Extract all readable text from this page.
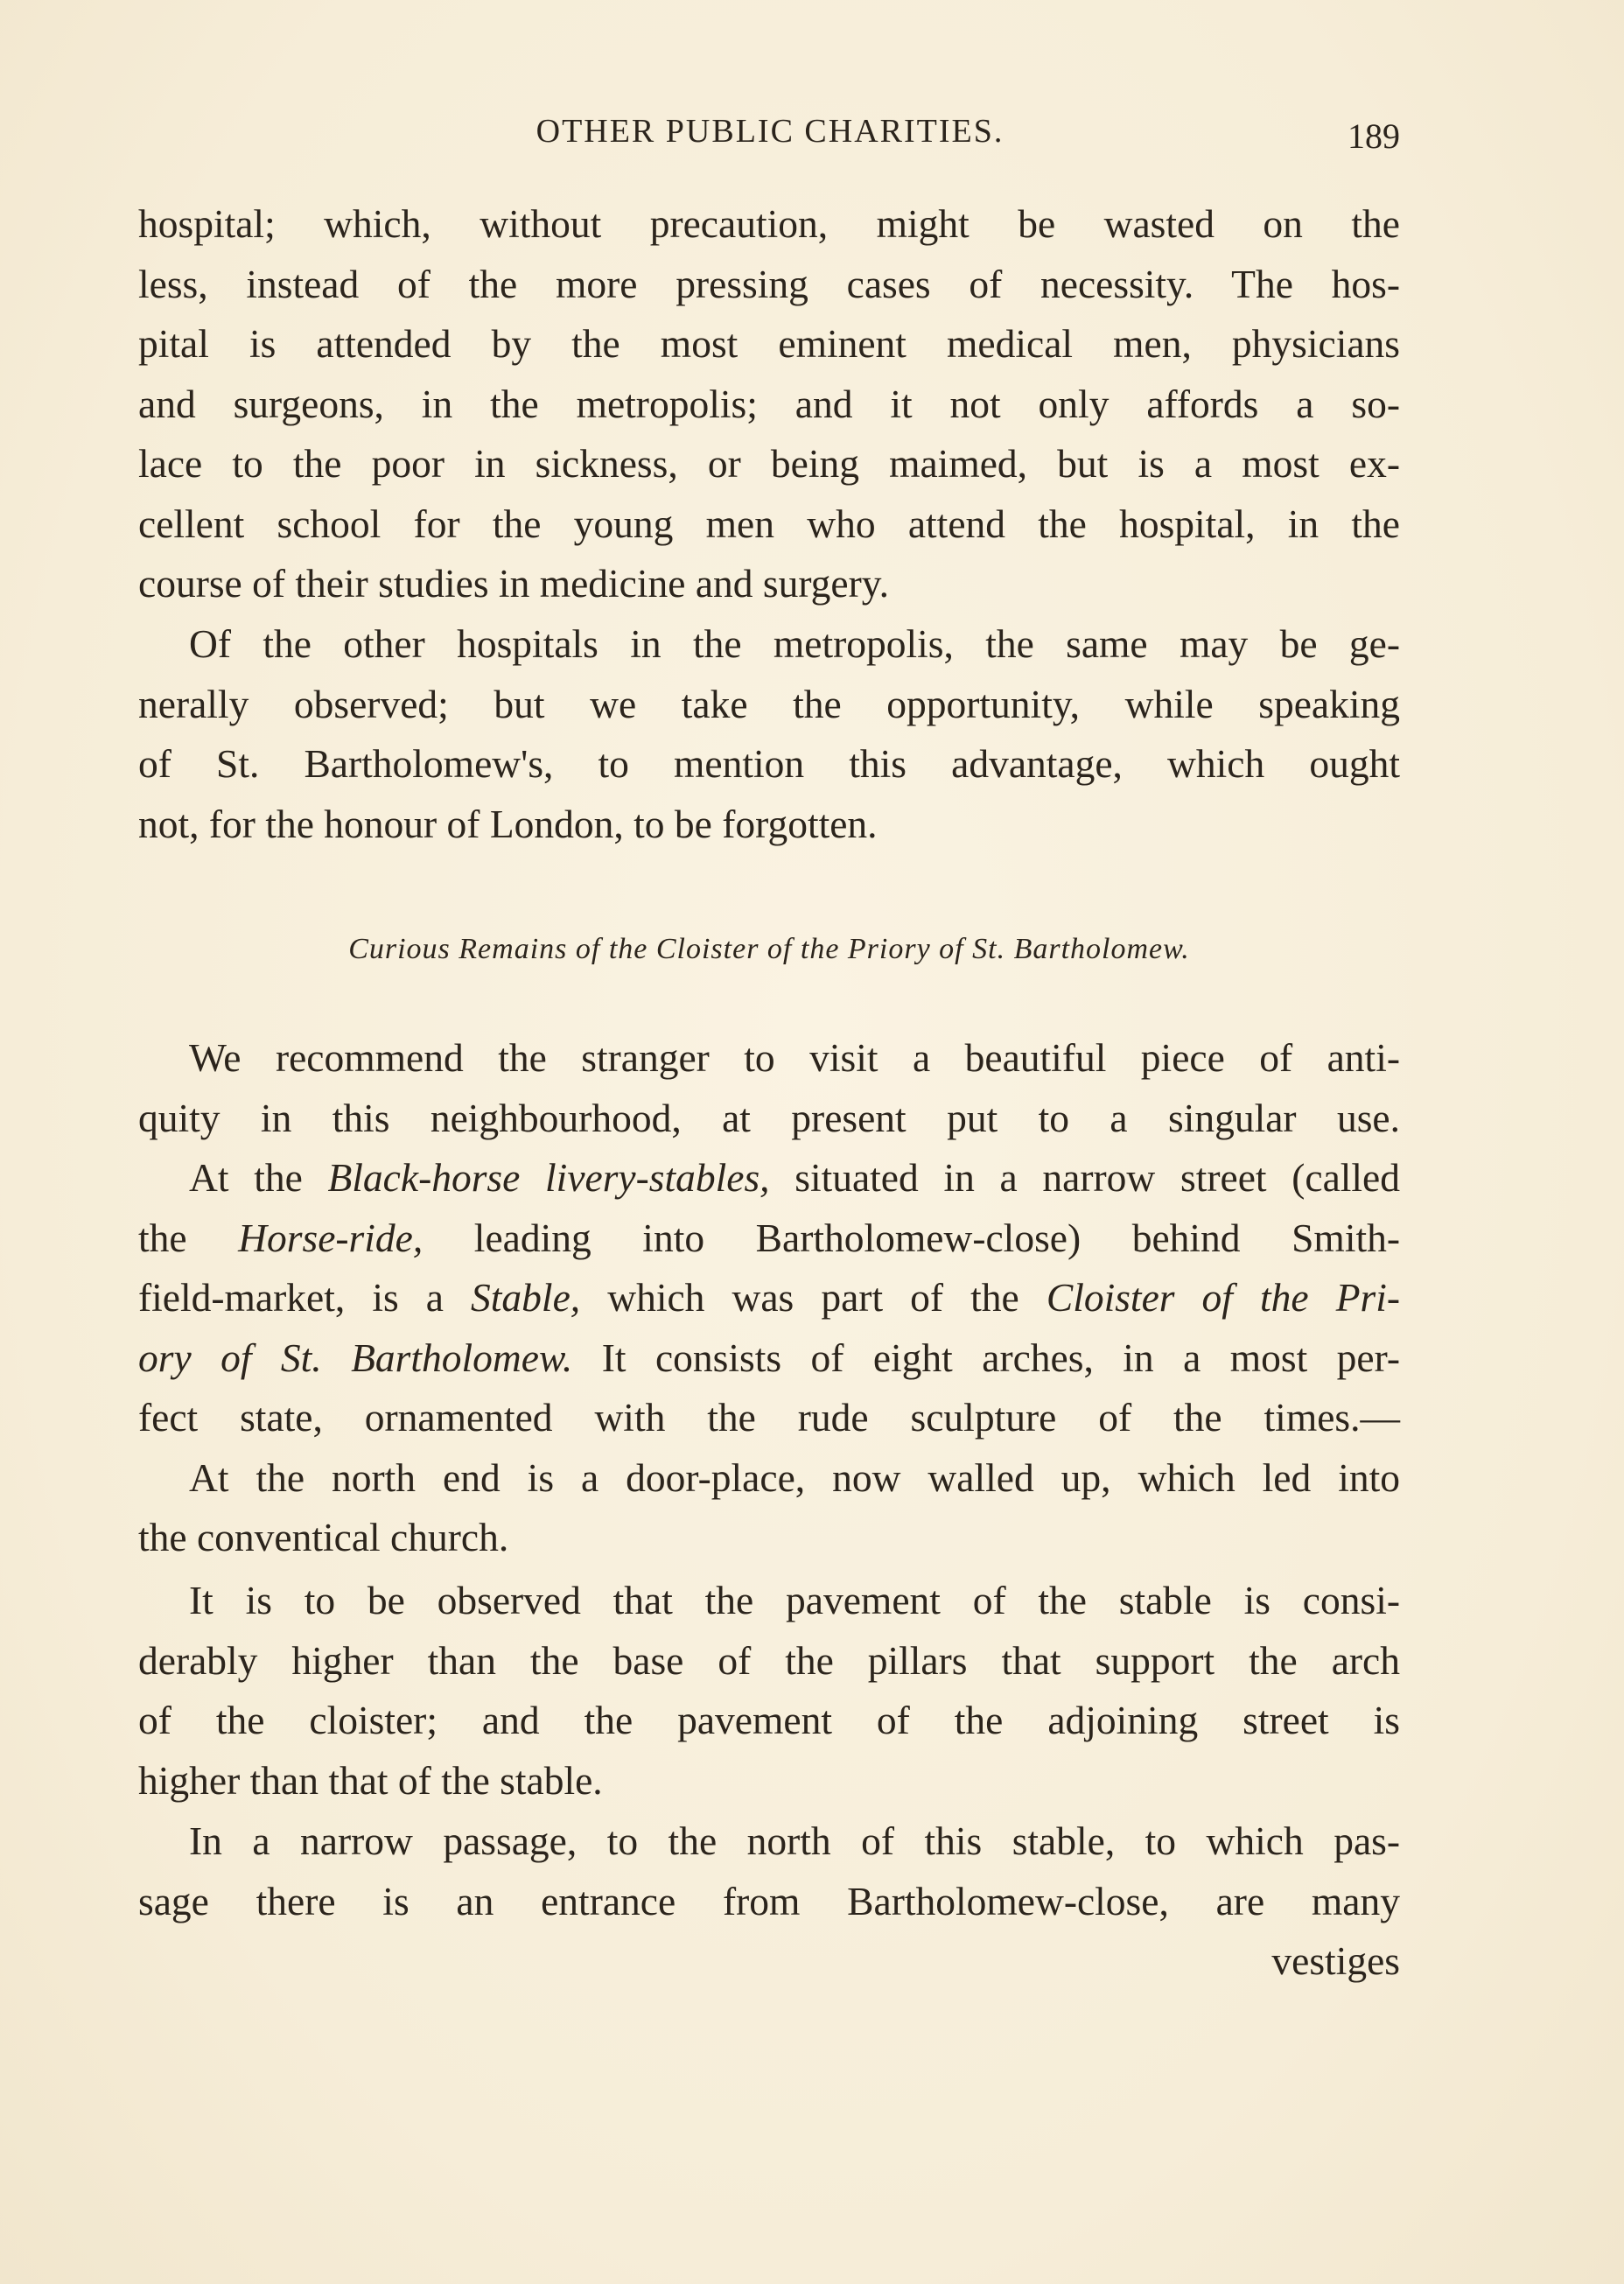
OTHER PUBLIC CHARITIES.	189

hospital; which, without precaution, might be wasted on the
less, instead of the more pressing cases of necessity. The hos-
pital is attended by the most eminent medical men, physicians
and surgeons, in the metropolis; and it not only affords a so-
lace to the poor in sickness, or being maimed, but is a most ex-
cellent school for the young men who attend the hospital, in the
course of their studies in medicine and surgery.

Of the other hospitals in the metropolis, the same may be ge-
nerally observed; but we take the opportunity, while speaking
of St. Bartholomew's, to mention this advantage, which ought
not, for the honour of London, to be forgotten.

Curious Remains of the Cloister of the Priory of St. Bartholomew.

We recommend the stranger to visit a beautiful piece of anti-
quity in this neighbourhood, at present put to a singular use.
At the Black-horse livery-stables, situated in a narrow street (called
the Horse-ride, leading into Bartholomew-close) behind Smith-
field-market, is a Stable, which was part of the Cloister of the Pri-
ory of St. Bartholomew. It consists of eight arches, in a most per-
fect state, ornamented with the rude sculpture of the times.—
At the north end is a door-place, now walled up, which led into
the conventical church.

It is to be observed that the pavement of the stable is consi-
derably higher than the base of the pillars that support the arch
of the cloister; and the pavement of the adjoining street is
higher than that of the stable.

In a narrow passage, to the north of this stable, to which pas-
sage there is an entrance from Bartholomew-close, are many
vestiges
